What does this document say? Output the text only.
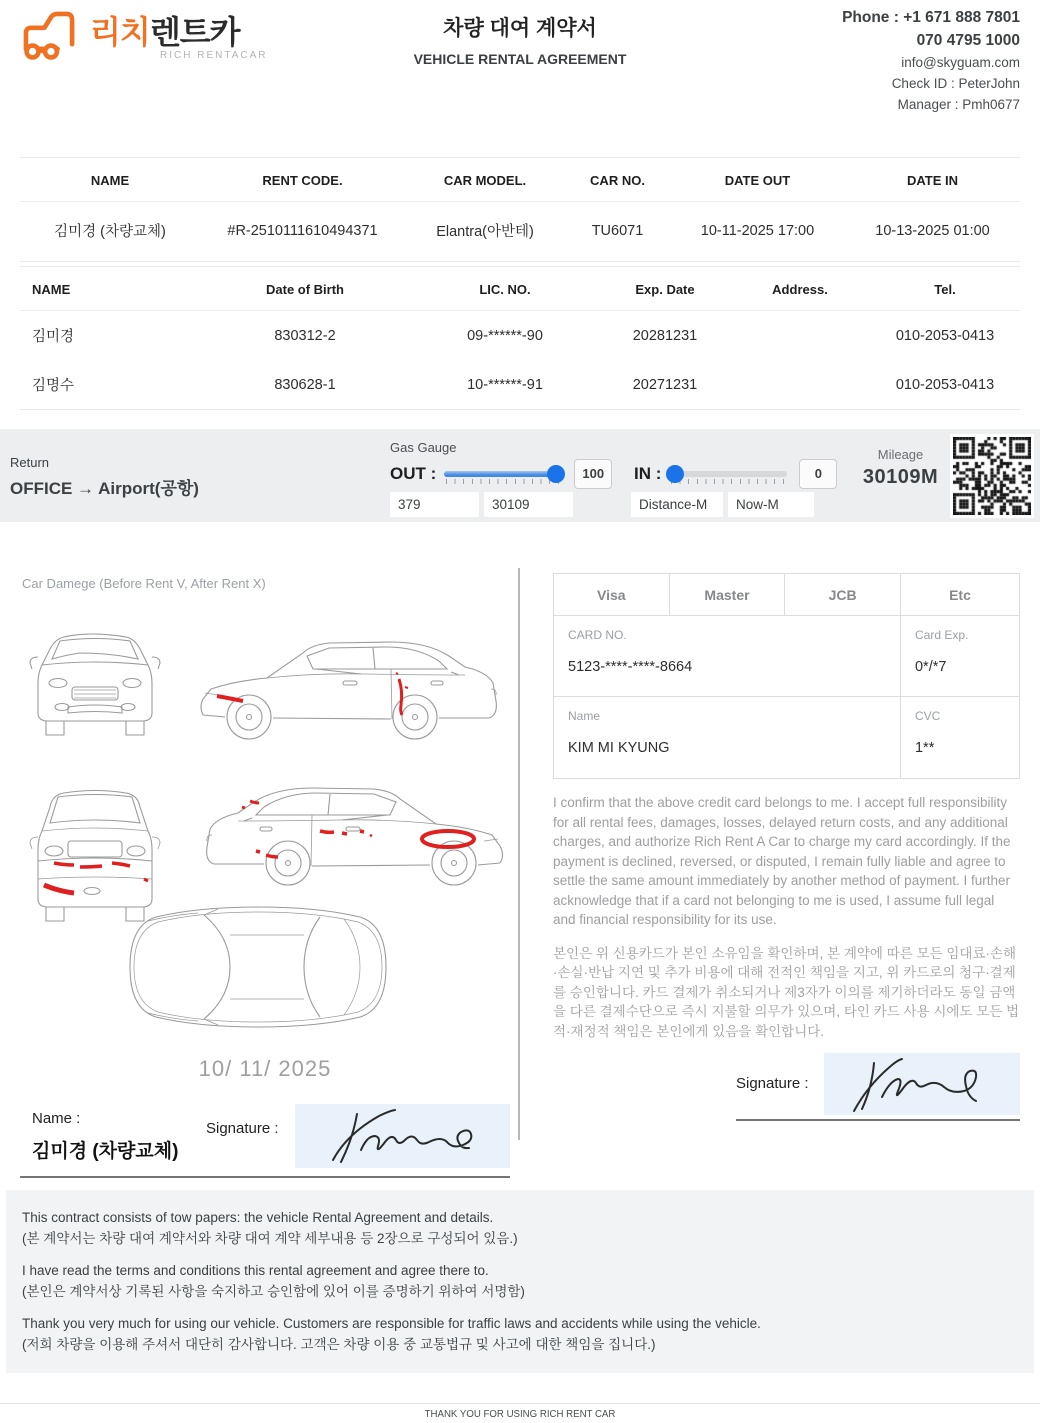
차량 대여 계약서
VEHICLE RENTAL AGREEMENT
리치렌트카
RICH RENTACAR
Phone : +1 671 888 7801
070 4795 1000
info@skyguam.com
Check ID : PeterJohn
Manager : Pmh0677
NAME	RENT CODE.	CAR MODEL.	CAR NO.	DATE OUT	DATE IN
김미경 (차량교체)	#R-2510111610494371	Elantra(아반테)	TU6071	10-11-2025 17:00	10-13-2025 01:00
NAME	Date of Birth	LIC. NO.	Exp. Date	Address.	Tel.
김미경	830312-2	09-******-90	20281231		010-2053-0413
김명수	830628-1	10-******-91	20271231		010-2053-0413
Return
OFFICE → Airport(공항)
Gas Gauge
OUT :	100
379
30109	IN :	0
Distance-M
Now-M
Mileage
30109M
Car Damege (Before Rent V, After Rent X)
10/ 11/ 2025
Name :
김미경 (차량교체)
Signature :
Visa	Master	JCB	Etc
CARD NO.
5123-****-****-8664
Card Exp.
0*/*7
Name
KIM MI KYUNG
CVC
1**
I confirm that the above credit card belongs to me. I accept full responsibility for all rental fees, damages, losses, delayed return costs, and any additional charges, and authorize Rich Rent A Car to charge my card accordingly. If the payment is declined, reversed, or disputed, I remain fully liable and agree to settle the same amount immediately by another method of payment. I further acknowledge that if a card not belonging to me is used, I assume full legal and financial responsibility for its use.
본인은 위 신용카드가 본인 소유임을 확인하며, 본 계약에 따른 모든 임대료·손해·손실·반납 지연 및 추가 비용에 대해 전적인 책임을 지고, 위 카드로의 청구·결제를 승인합니다. 카드 결제가 취소되거나 제3자가 이의를 제기하더라도 동일 금액을 다른 결제수단으로 즉시 지불할 의무가 있으며, 타인 카드 사용 시에도 모든 법적·재정적 책임은 본인에게 있음을 확인합니다.
Signature :
This contract consists of tow papers: the vehicle Rental Agreement and details.
(본 계약서는 차량 대여 계약서와 차량 대여 계약 세부내용 등 2장으로 구성되어 있음.)
I have read the terms and conditions this rental agreement and agree there to.
(본인은 계약서상 기록된 사항을 숙지하고 승인함에 있어 이를 증명하기 위하여 서명함)
Thank you very much for using our vehicle. Customers are responsible for traffic laws and accidents while using the vehicle.
(저희 차량을 이용해 주셔서 대단히 감사합니다. 고객은 차량 이용 중 교통법규 및 사고에 대한 책임을 집니다.)
THANK YOU FOR USING RICH RENT CAR
